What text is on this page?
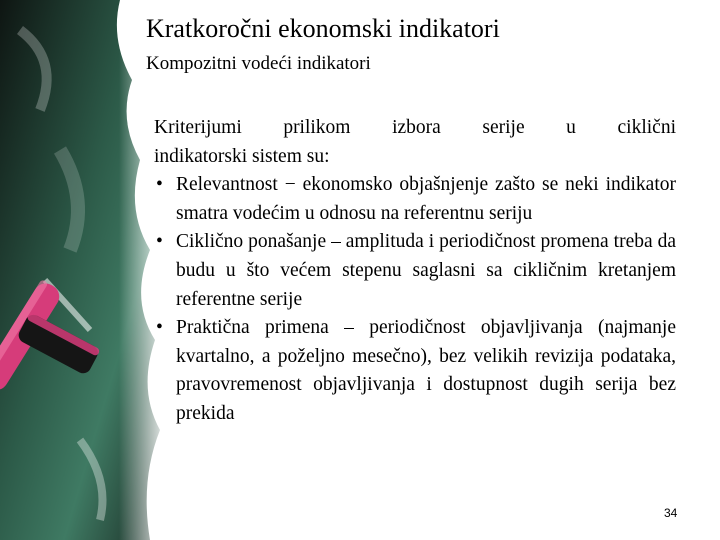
Kratkoročni ekonomski indikatori
Kompozitni vodeći indikatori

Kriterijumi prilikom izbora serije u ciklični
indikatorski sistem su:

• Relevantnost − ekonomsko objašnjenje zašto se neki indikator smatra vodećim u odnosu na referentnu seriju
• Ciklično ponašanje – amplituda i periodičnost promena treba da budu u što većem stepenu saglasni sa cikličnim kretanjem referentne serije
• Praktična primena – periodičnost objavljivanja (najmanje kvartalno, a poželjno mesečno), bez velikih revizija podataka, pravovremenost objavljivanja i dostupnost dugih serija bez prekida
34
